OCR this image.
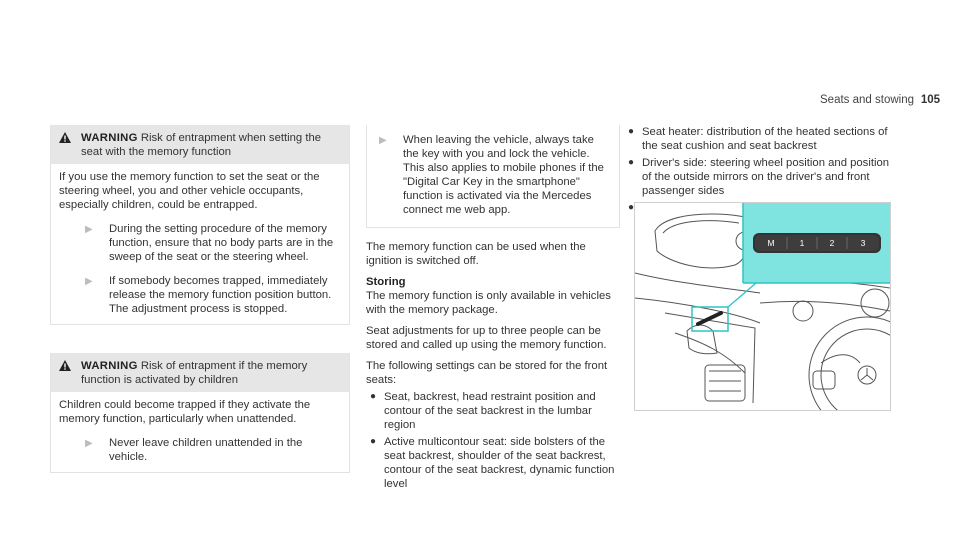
Seats and stowing 105
WARNING Risk of entrapment when setting the seat with the memory function

If you use the memory function to set the seat or the steering wheel, you and other vehicle occupants, especially children, could be entrapped.

▶	During the setting procedure of the memory function, ensure that no body parts are in the sweep of the seat or the steering wheel.
▶	If somebody becomes trapped, immediately release the memory function position button.
The adjustment process is stopped.
WARNING Risk of entrapment if the memory function is activated by children

Children could become trapped if they activate the memory function, particularly when unattended.

▶	Never leave children unattended in the vehicle.
▶	When leaving the vehicle, always take the key with you and lock the vehicle.
This also applies to mobile phones if the "Digital Car Key in the smartphone" function is activated via the Mercedes connect me web app.

The memory function can be used when the ignition is switched off.

Storing

The memory function is only available in vehicles with the memory package.

Seat adjustments for up to three people can be stored and called up using the memory function.

The following settings can be stored for the front seats:

● Seat, backrest, head restraint position and contour of the seat backrest in the lumbar region
● Active multicontour seat: side bolsters of the seat backrest, shoulder of the seat backrest, contour of the seat backrest, dynamic function level
● Seat heater: distribution of the heated sections of the seat cushion and seat backrest
● Driver's side: steering wheel position and position of the outside mirrors on the driver's and front passenger sides
●
M	1	2	3
